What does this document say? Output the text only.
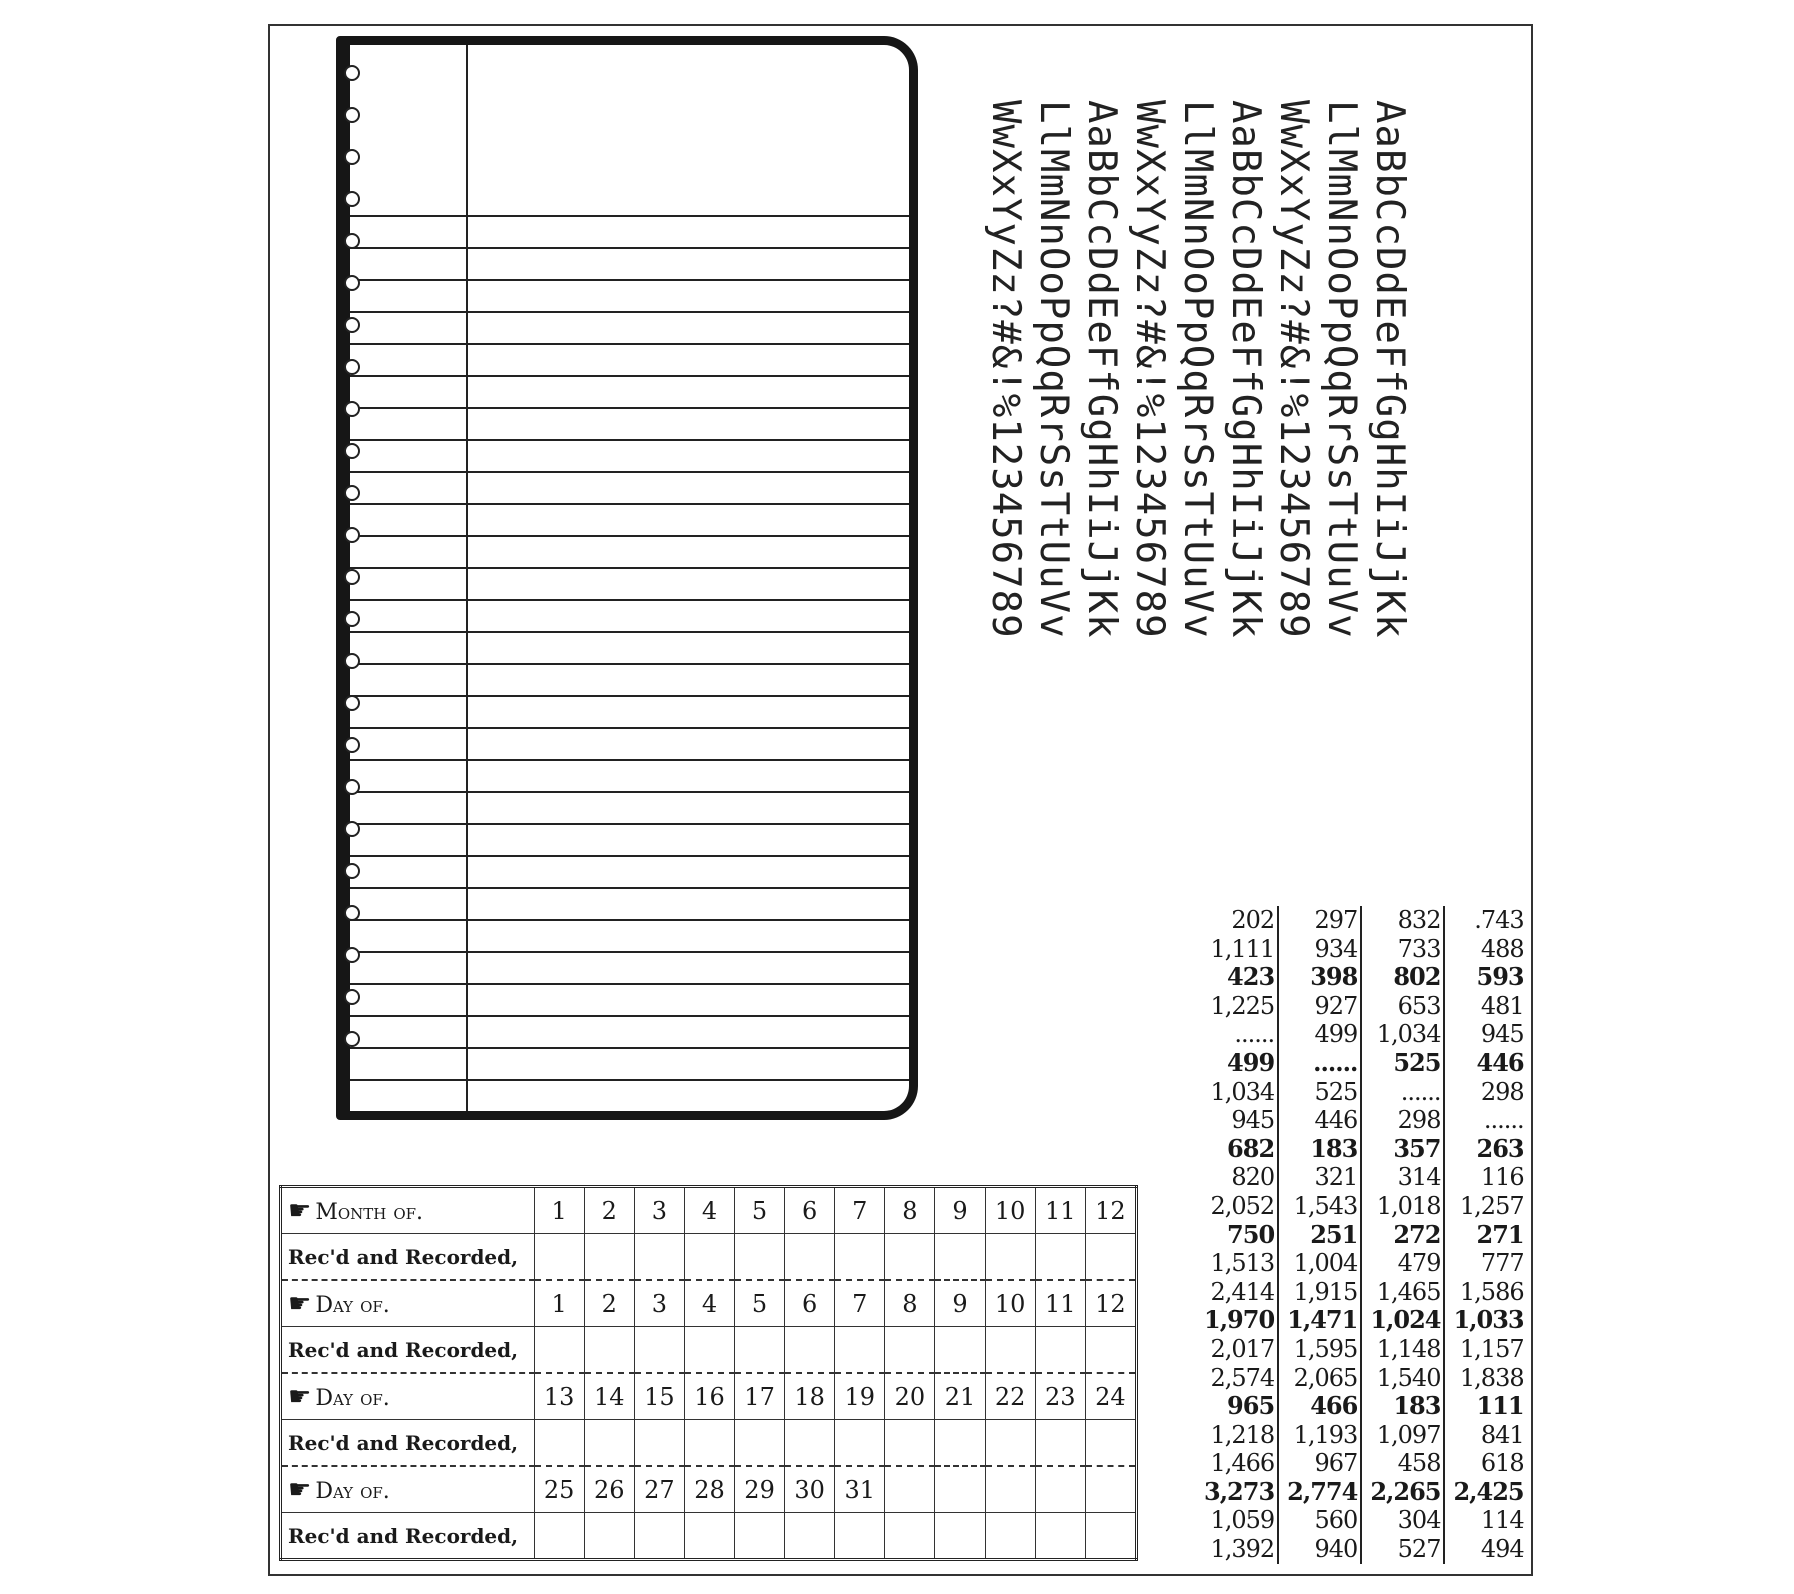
AaBbCcDdEeFfGgHhIiJjKk
LlMmNnOoPpQqRrSsTtUuVv
WwXxYyZz?#&!%123456789
AaBbCcDdEeFfGgHhIiJjKk
LlMmNnOoPpQqRrSsTtUuVv
WwXxYyZz?#&!%123456789
AaBbCcDdEeFfGgHhIiJjKk
LlMmNnOoPpQqRrSsTtUuVv
WwXxYyZz?#&!%123456789
☛ Month of.	1	2	3	4	5	6	7	8	9	10	11	12
Rec'd and Recorded,												
☛ Day of.	1	2	3	4	5	6	7	8	9	10	11	12
Rec'd and Recorded,												
☛ Day of.	13	14	15	16	17	18	19	20	21	22	23	24
Rec'd and Recorded,												
☛ Day of.	25	26	27	28	29	30	31					
Rec'd and Recorded,												
202	297	832	.743
1,111	934	733	488
423	398	802	593
1,225	927	653	481
......	499	1,034	945
499	......	525	446
1,034	525	......	298
945	446	298	......
682	183	357	263
820	321	314	116
2,052	1,543	1,018	1,257
750	251	272	271
1,513	1,004	479	777
2,414	1,915	1,465	1,586
1,970	1,471	1,024	1,033
2,017	1,595	1,148	1,157
2,574	2,065	1,540	1,838
965	466	183	111
1,218	1,193	1,097	841
1,466	967	458	618
3,273	2,774	2,265	2,425
1,059	560	304	114
1,392	940	527	494
